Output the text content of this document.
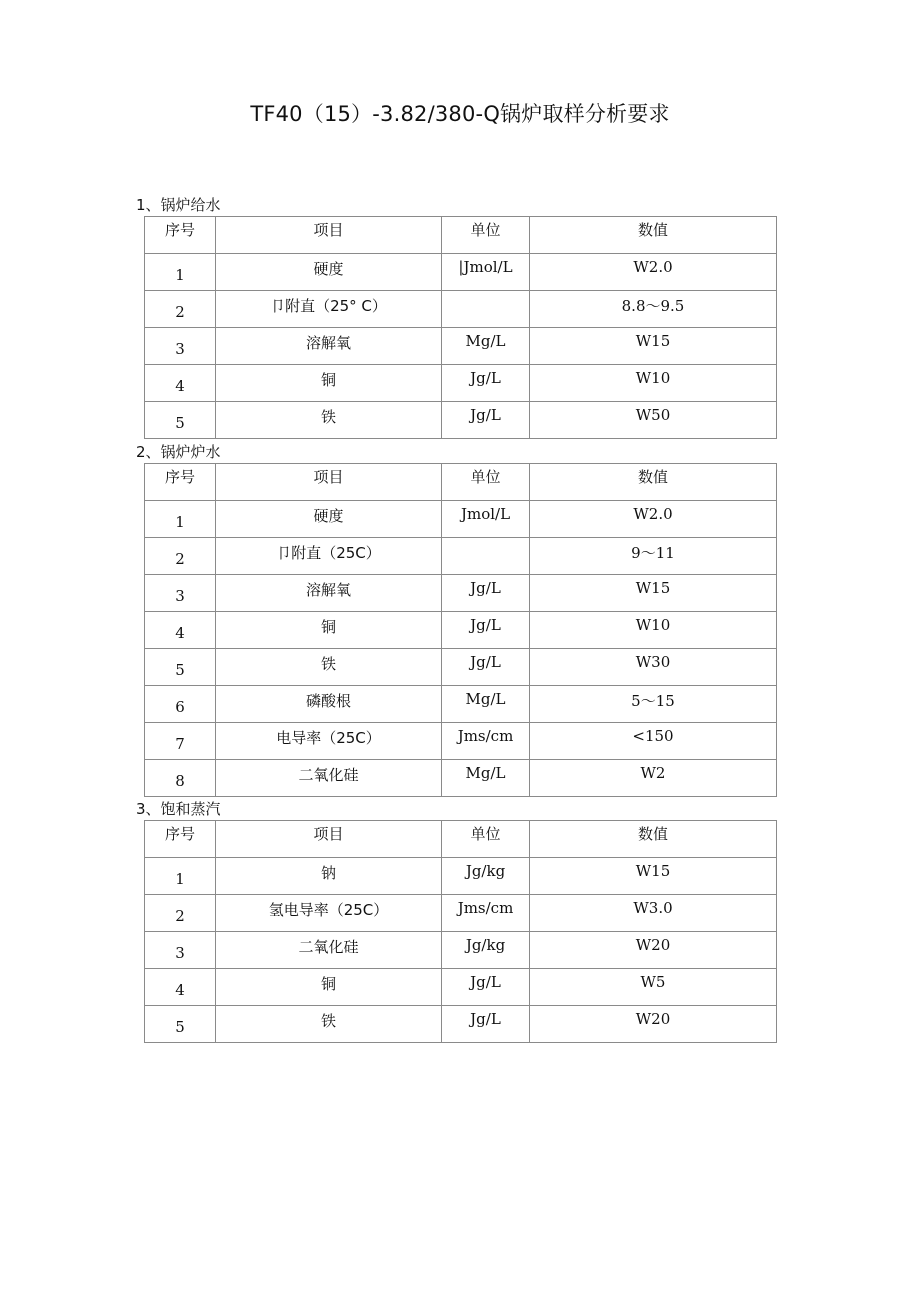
TF40（15）-3.82/380-Q锅炉取样分析要求
1、锅炉给水
序号	项目	单位	数值
1	硬度	|Jmol/L	W2.0
2	卩附直（25° C）		8.8〜9.5
3	溶解氧	Mg/L	W15
4	铜	Jg/L	W10
5	铁	Jg/L	W50
2、锅炉炉水
序号	项目	单位	数值
1	硬度	Jmol/L	W2.0
2	卩附直（25C）		9〜11
3	溶解氧	Jg/L	W15
4	铜	Jg/L	W10
5	铁	Jg/L	W30
6	磷酸根	Mg/L	5〜15
7	电导率（25C）	Jms/cm	<150
8	二氧化硅	Mg/L	W2
3、饱和蒸汽
序号	项目	单位	数值
1	钠	Jg/kg	W15
2	氢电导率（25C）	Jms/cm	W3.0
3	二氧化硅	Jg/kg	W20
4	铜	Jg/L	W5
5	铁	Jg/L	W20
